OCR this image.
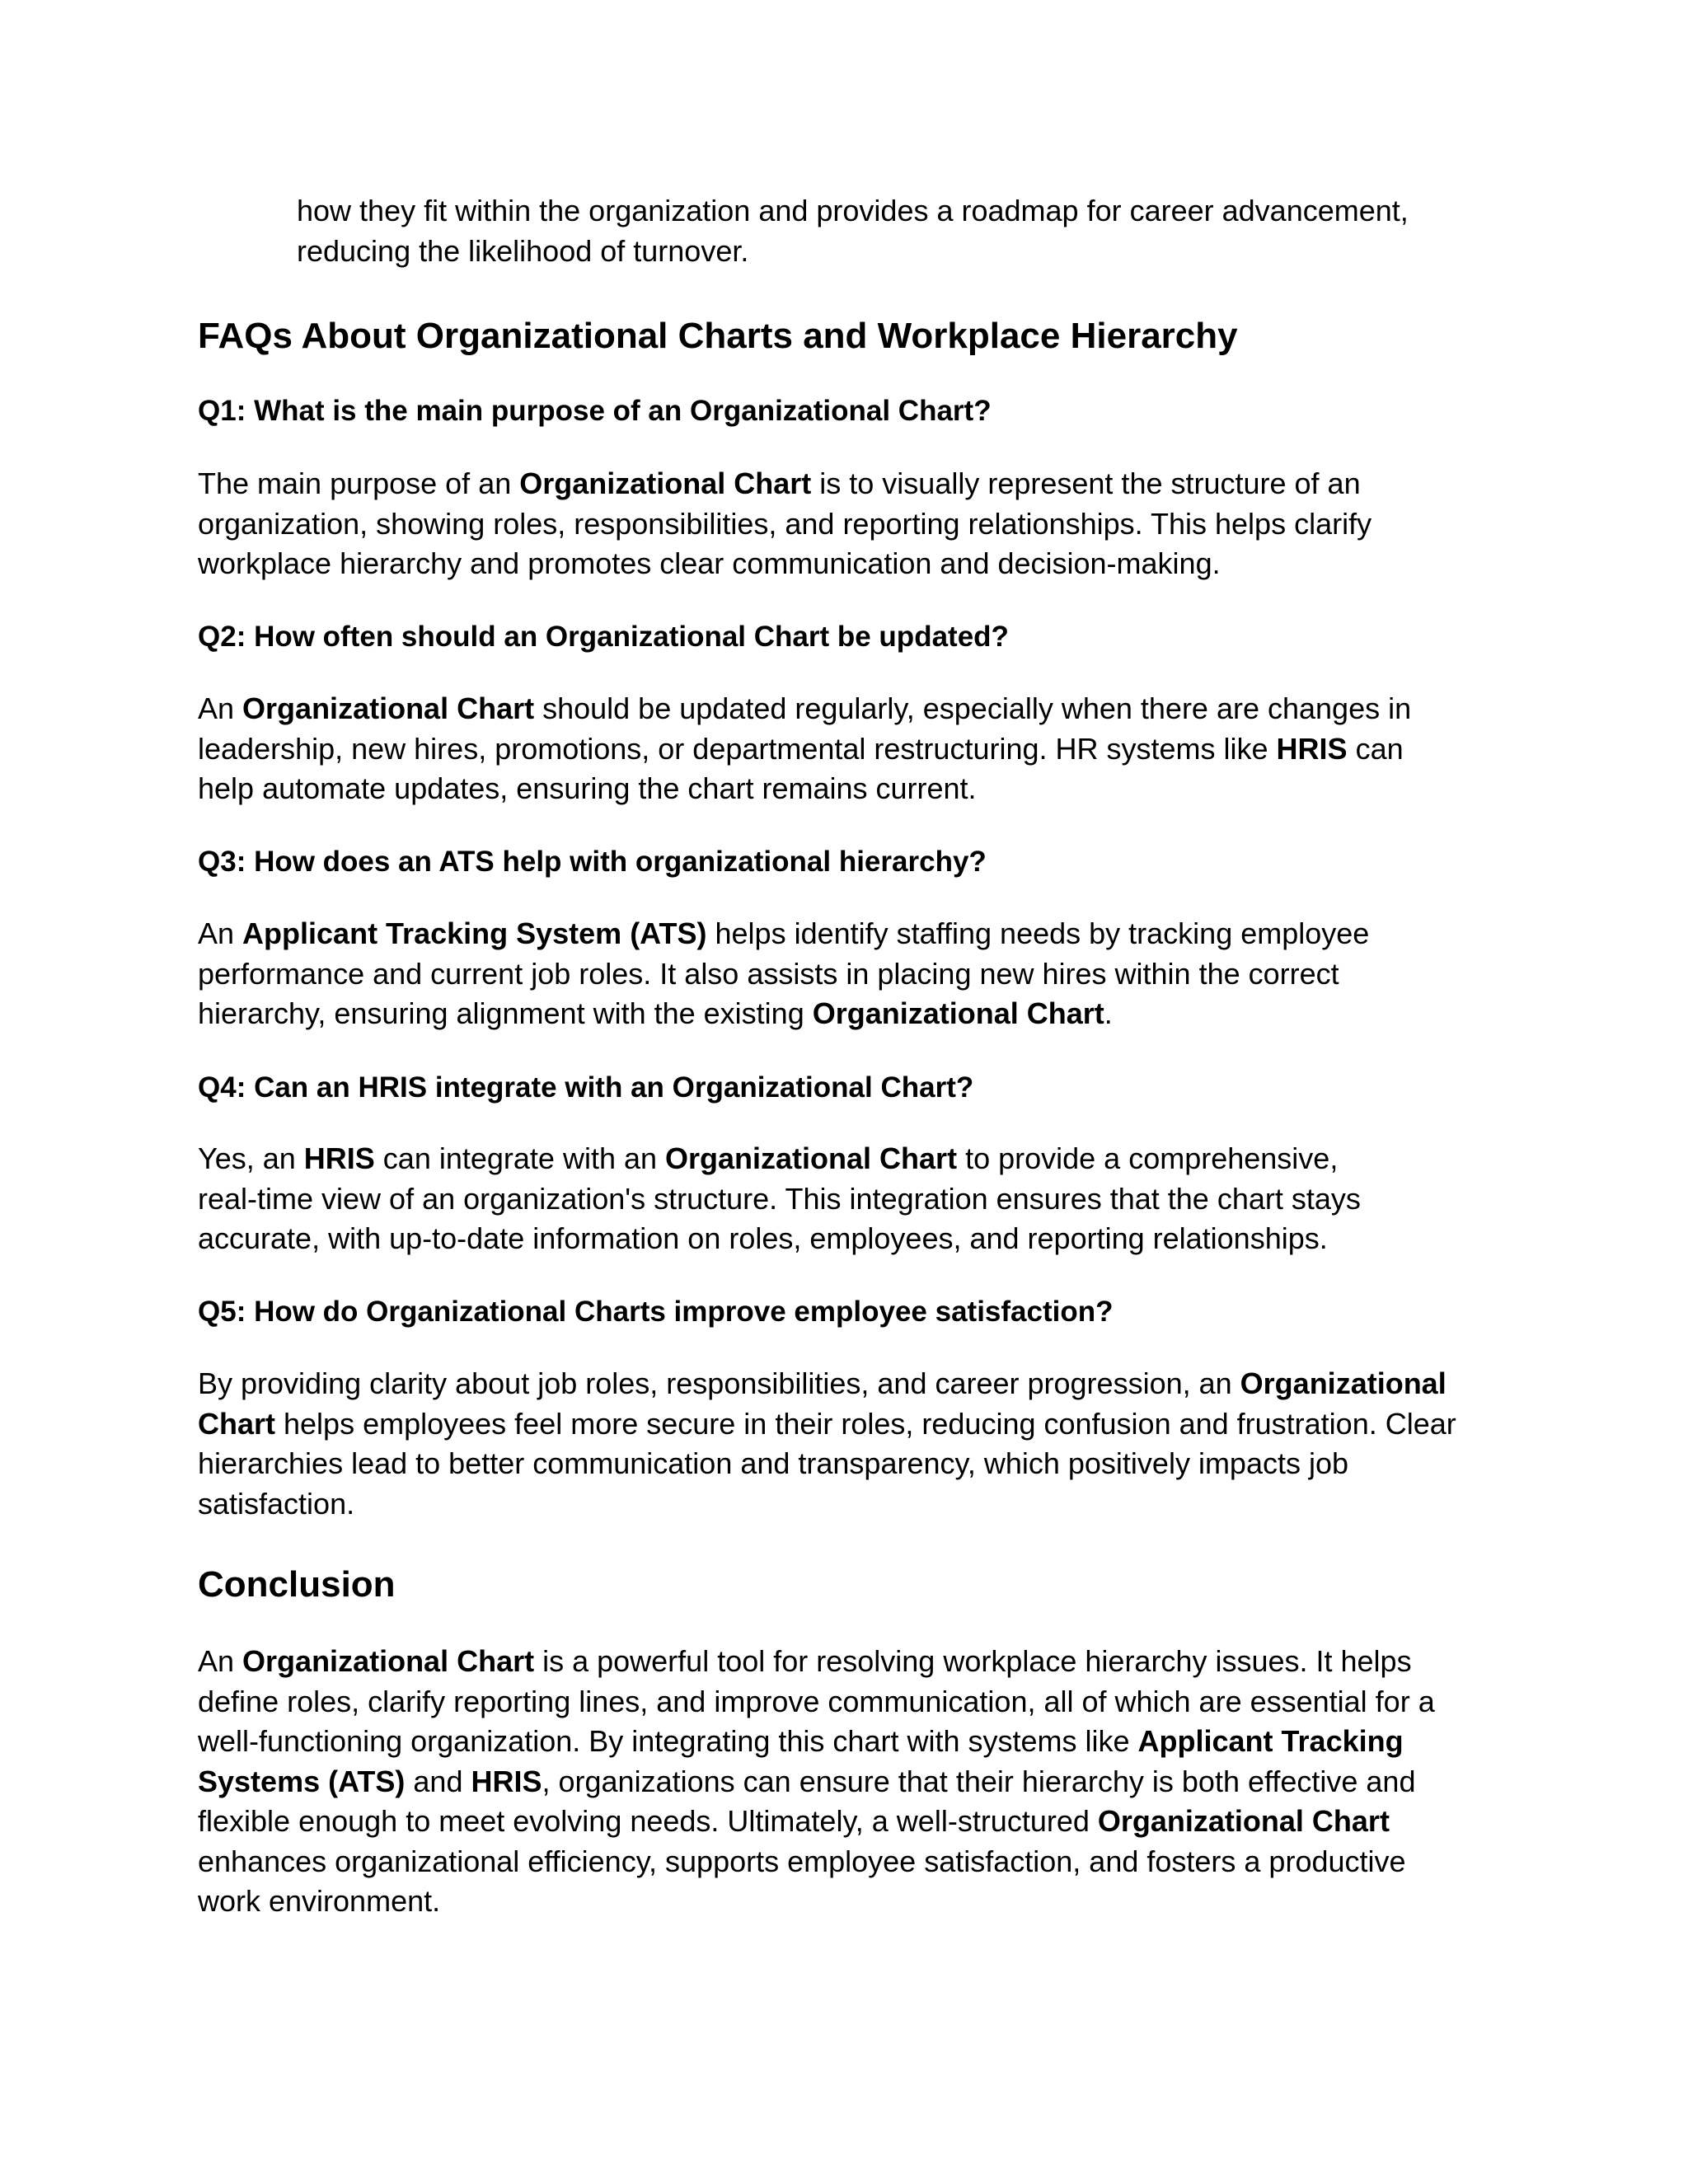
how they fit within the organization and provides a roadmap for career advancement,
reducing the likelihood of turnover.

FAQs About Organizational Charts and Workplace Hierarchy

Q1: What is the main purpose of an Organizational Chart?

The main purpose of an Organizational Chart is to visually represent the structure of an
organization, showing roles, responsibilities, and reporting relationships. This helps clarify
workplace hierarchy and promotes clear communication and decision-making.

Q2: How often should an Organizational Chart be updated?

An Organizational Chart should be updated regularly, especially when there are changes in
leadership, new hires, promotions, or departmental restructuring. HR systems like HRIS can
help automate updates, ensuring the chart remains current.

Q3: How does an ATS help with organizational hierarchy?

An Applicant Tracking System (ATS) helps identify staffing needs by tracking employee
performance and current job roles. It also assists in placing new hires within the correct
hierarchy, ensuring alignment with the existing Organizational Chart.

Q4: Can an HRIS integrate with an Organizational Chart?

Yes, an HRIS can integrate with an Organizational Chart to provide a comprehensive,
real-time view of an organization's structure. This integration ensures that the chart stays
accurate, with up-to-date information on roles, employees, and reporting relationships.

Q5: How do Organizational Charts improve employee satisfaction?

By providing clarity about job roles, responsibilities, and career progression, an Organizational
Chart helps employees feel more secure in their roles, reducing confusion and frustration. Clear
hierarchies lead to better communication and transparency, which positively impacts job
satisfaction.

Conclusion

An Organizational Chart is a powerful tool for resolving workplace hierarchy issues. It helps
define roles, clarify reporting lines, and improve communication, all of which are essential for a
well-functioning organization. By integrating this chart with systems like Applicant Tracking
Systems (ATS) and HRIS, organizations can ensure that their hierarchy is both effective and
flexible enough to meet evolving needs. Ultimately, a well-structured Organizational Chart
enhances organizational efficiency, supports employee satisfaction, and fosters a productive
work environment.
